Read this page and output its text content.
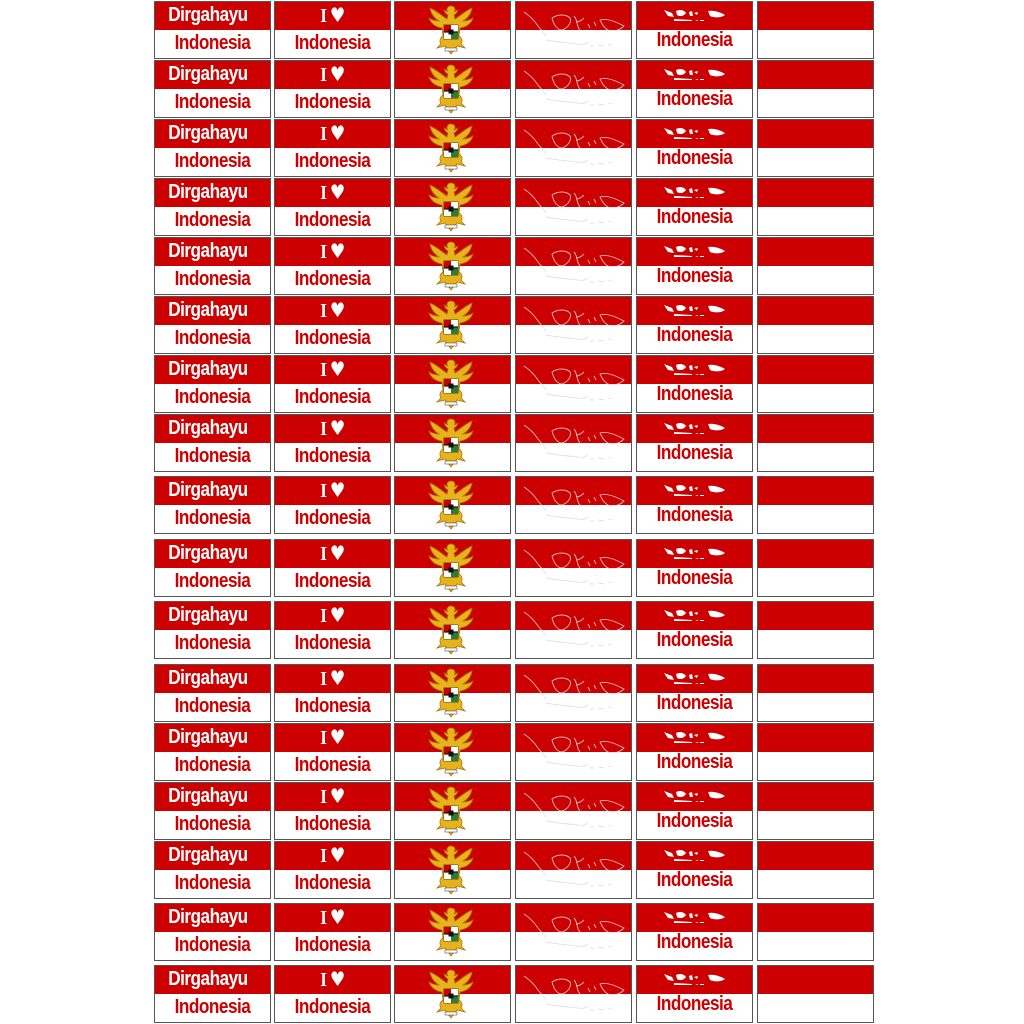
Dirgahayu
Indonesia
I ♥
Indonesia	Indonesia
Dirgahayu
Indonesia
I ♥
Indonesia	Indonesia
Dirgahayu
Indonesia
I ♥
Indonesia	Indonesia
Dirgahayu
Indonesia
I ♥
Indonesia	Indonesia
Dirgahayu
Indonesia
I ♥
Indonesia	Indonesia
Dirgahayu
Indonesia
I ♥
Indonesia	Indonesia
Dirgahayu
Indonesia
I ♥
Indonesia	Indonesia
Dirgahayu
Indonesia
I ♥
Indonesia	Indonesia
Dirgahayu
Indonesia
I ♥
Indonesia	Indonesia
Dirgahayu
Indonesia
I ♥
Indonesia	Indonesia
Dirgahayu
Indonesia
I ♥
Indonesia	Indonesia
Dirgahayu
Indonesia
I ♥
Indonesia	Indonesia
Dirgahayu
Indonesia
I ♥
Indonesia	Indonesia
Dirgahayu
Indonesia
I ♥
Indonesia	Indonesia
Dirgahayu
Indonesia
I ♥
Indonesia	Indonesia
Dirgahayu
Indonesia
I ♥
Indonesia	Indonesia
Dirgahayu
Indonesia
I ♥
Indonesia	Indonesia
